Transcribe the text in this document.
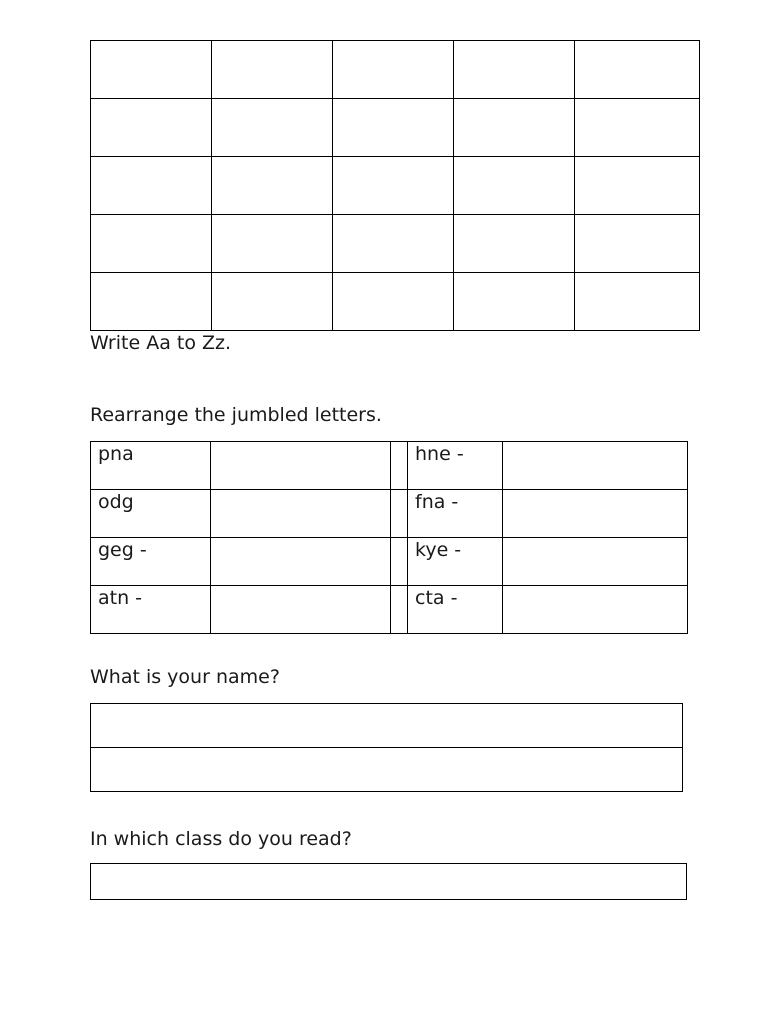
Write Aa to Zz.

Rearrange the jumbled letters.

pna			hne -	
odg			fna -	
geg -			kye -	
atn -			cta -	

What is your name?

In which class do you read?
